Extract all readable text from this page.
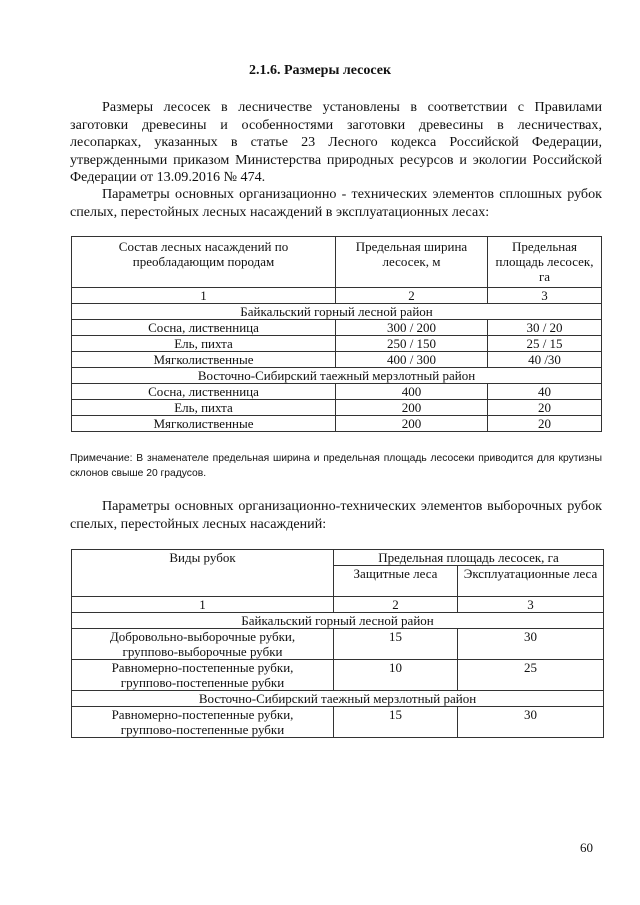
2.1.6. Размеры лесосек
Размеры лесосек в лесничестве установлены в соответствии с Правилами заготовки древесины и особенностями заготовки древесины в лесничествах, лесопарках, указанных в статье 23 Лесного кодекса Российской Федерации, утвержденными приказом Министерства природных ресурсов и экологии Российской Федерации от 13.09.2016 № 474.
Параметры основных организационно - технических элементов сплошных рубок спелых, перестойных лесных насаждений в эксплуатационных лесах:
Состав лесных насаждений по преобладающим породам	Предельная ширина лесосек, м	Предельная площадь лесосек, га
1	2	3
Байкальский горный лесной район		
Сосна, лиственница	300 / 200	30 / 20
Ель, пихта	250 / 150	25 / 15
Мягколиственные	400 / 300	40 /30
Восточно-Сибирский таежный мерзлотный район		
Сосна, лиственница	400	40
Ель, пихта	200	20
Мягколиственные	200	20
Примечание: В знаменателе предельная ширина и предельная площадь лесосеки приводится для крутизны склонов свыше 20 градусов.
Параметры основных организационно-технических элементов выборочных рубок спелых, перестойных лесных насаждений:
Виды рубок	Предельная площадь лесосек, га	
	Защитные леса	Эксплуатационные леса
1	2	3
Байкальский горный лесной район		
Добровольно-выборочные рубки,
групповo-выборочные рубки	15	30
Равномерно-постепенные рубки,
группово-постепенные рубки	10	25
Восточно-Сибирский таежный мерзлотный район		
Равномерно-постепенные рубки,
группово-постепенные рубки	15	30
60
